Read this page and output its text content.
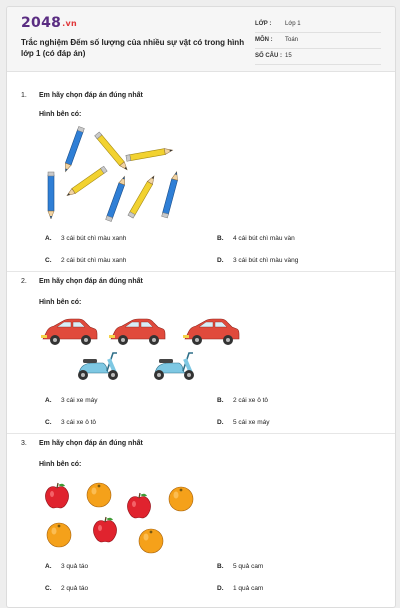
2048.vn
Trắc nghiệm Đếm số lượng của nhiều sự vật có trong hình lớp 1 (có đáp án)
LỚP : Lớp 1
MÔN : Toán
SỐ CÂU : 15
1. Em hãy chọn đáp án đúng nhất
Hình bên có:
A. 3 cái bút chì màu xanh	B. 4 cái bút chì màu vàn
C. 2 cái bút chì màu xanh	D. 3 cái bút chì màu vàng
2. Em hãy chọn đáp án đúng nhất
Hình bên có:
A. 3 cái xe máy	B. 2 cái xe ô tô
C. 3 cái xe ô tô	D. 5 cái xe máy
3. Em hãy chọn đáp án đúng nhất
Hình bên có:
A. 3 quả táo	B. 5 quả cam
C. 2 quả táo	D. 1 quả cam
